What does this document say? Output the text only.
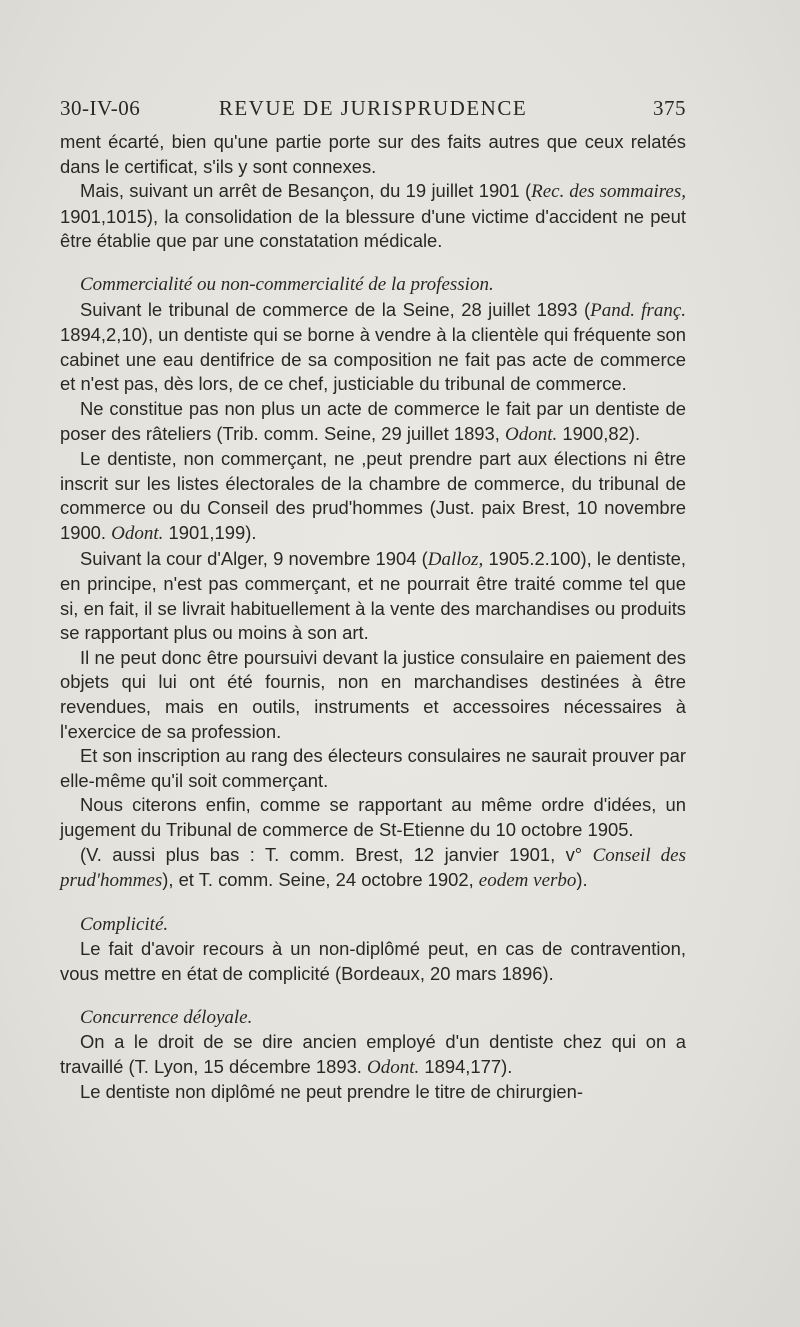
30-IV-06	REVUE DE JURISPRUDENCE	375

ment écarté, bien qu'une partie porte sur des faits autres que ceux relatés dans le certificat, s'ils y sont connexes.

Mais, suivant un arrêt de Besançon, du 19 juillet 1901 (Rec. des sommaires, 1901,1015), la consolidation de la blessure d'une victime d'accident ne peut être établie que par une constatation médicale.

Commercialité ou non-commercialité de la profession.

Suivant le tribunal de commerce de la Seine, 28 juillet 1893 (Pand. franç. 1894,2,10), un dentiste qui se borne à vendre à la clientèle qui fréquente son cabinet une eau dentifrice de sa composition ne fait pas acte de commerce et n'est pas, dès lors, de ce chef, justiciable du tribunal de commerce.

Ne constitue pas non plus un acte de commerce le fait par un dentiste de poser des râteliers (Trib. comm. Seine, 29 juillet 1893, Odont. 1900,82).

Le dentiste, non commerçant, ne ,peut prendre part aux élections ni être inscrit sur les listes électorales de la chambre de commerce, du tribunal de commerce ou du Conseil des prud'hommes (Just. paix Brest, 10 novembre 1900. Odont. 1901,199).

Suivant la cour d'Alger, 9 novembre 1904 (Dalloz, 1905.2.100), le dentiste, en principe, n'est pas commerçant, et ne pourrait être traité comme tel que si, en fait, il se livrait habituellement à la vente des marchandises ou produits se rapportant plus ou moins à son art.

Il ne peut donc être poursuivi devant la justice consulaire en paiement des objets qui lui ont été fournis, non en marchandises destinées à être revendues, mais en outils, instruments et accessoires nécessaires à l'exercice de sa profession.

Et son inscription au rang des électeurs consulaires ne saurait prouver par elle-même qu'il soit commerçant.

Nous citerons enfin, comme se rapportant au même ordre d'idées, un jugement du Tribunal de commerce de St-Etienne du 10 octobre 1905.

(V. aussi plus bas : T. comm. Brest, 12 janvier 1901, v° Conseil des prud'hommes), et T. comm. Seine, 24 octobre 1902, eodem verbo).

Complicité.

Le fait d'avoir recours à un non-diplômé peut, en cas de contravention, vous mettre en état de complicité (Bordeaux, 20 mars 1896).

Concurrence déloyale.

On a le droit de se dire ancien employé d'un dentiste chez qui on a travaillé (T. Lyon, 15 décembre 1893. Odont. 1894,177).

Le dentiste non diplômé ne peut prendre le titre de chirurgien-
